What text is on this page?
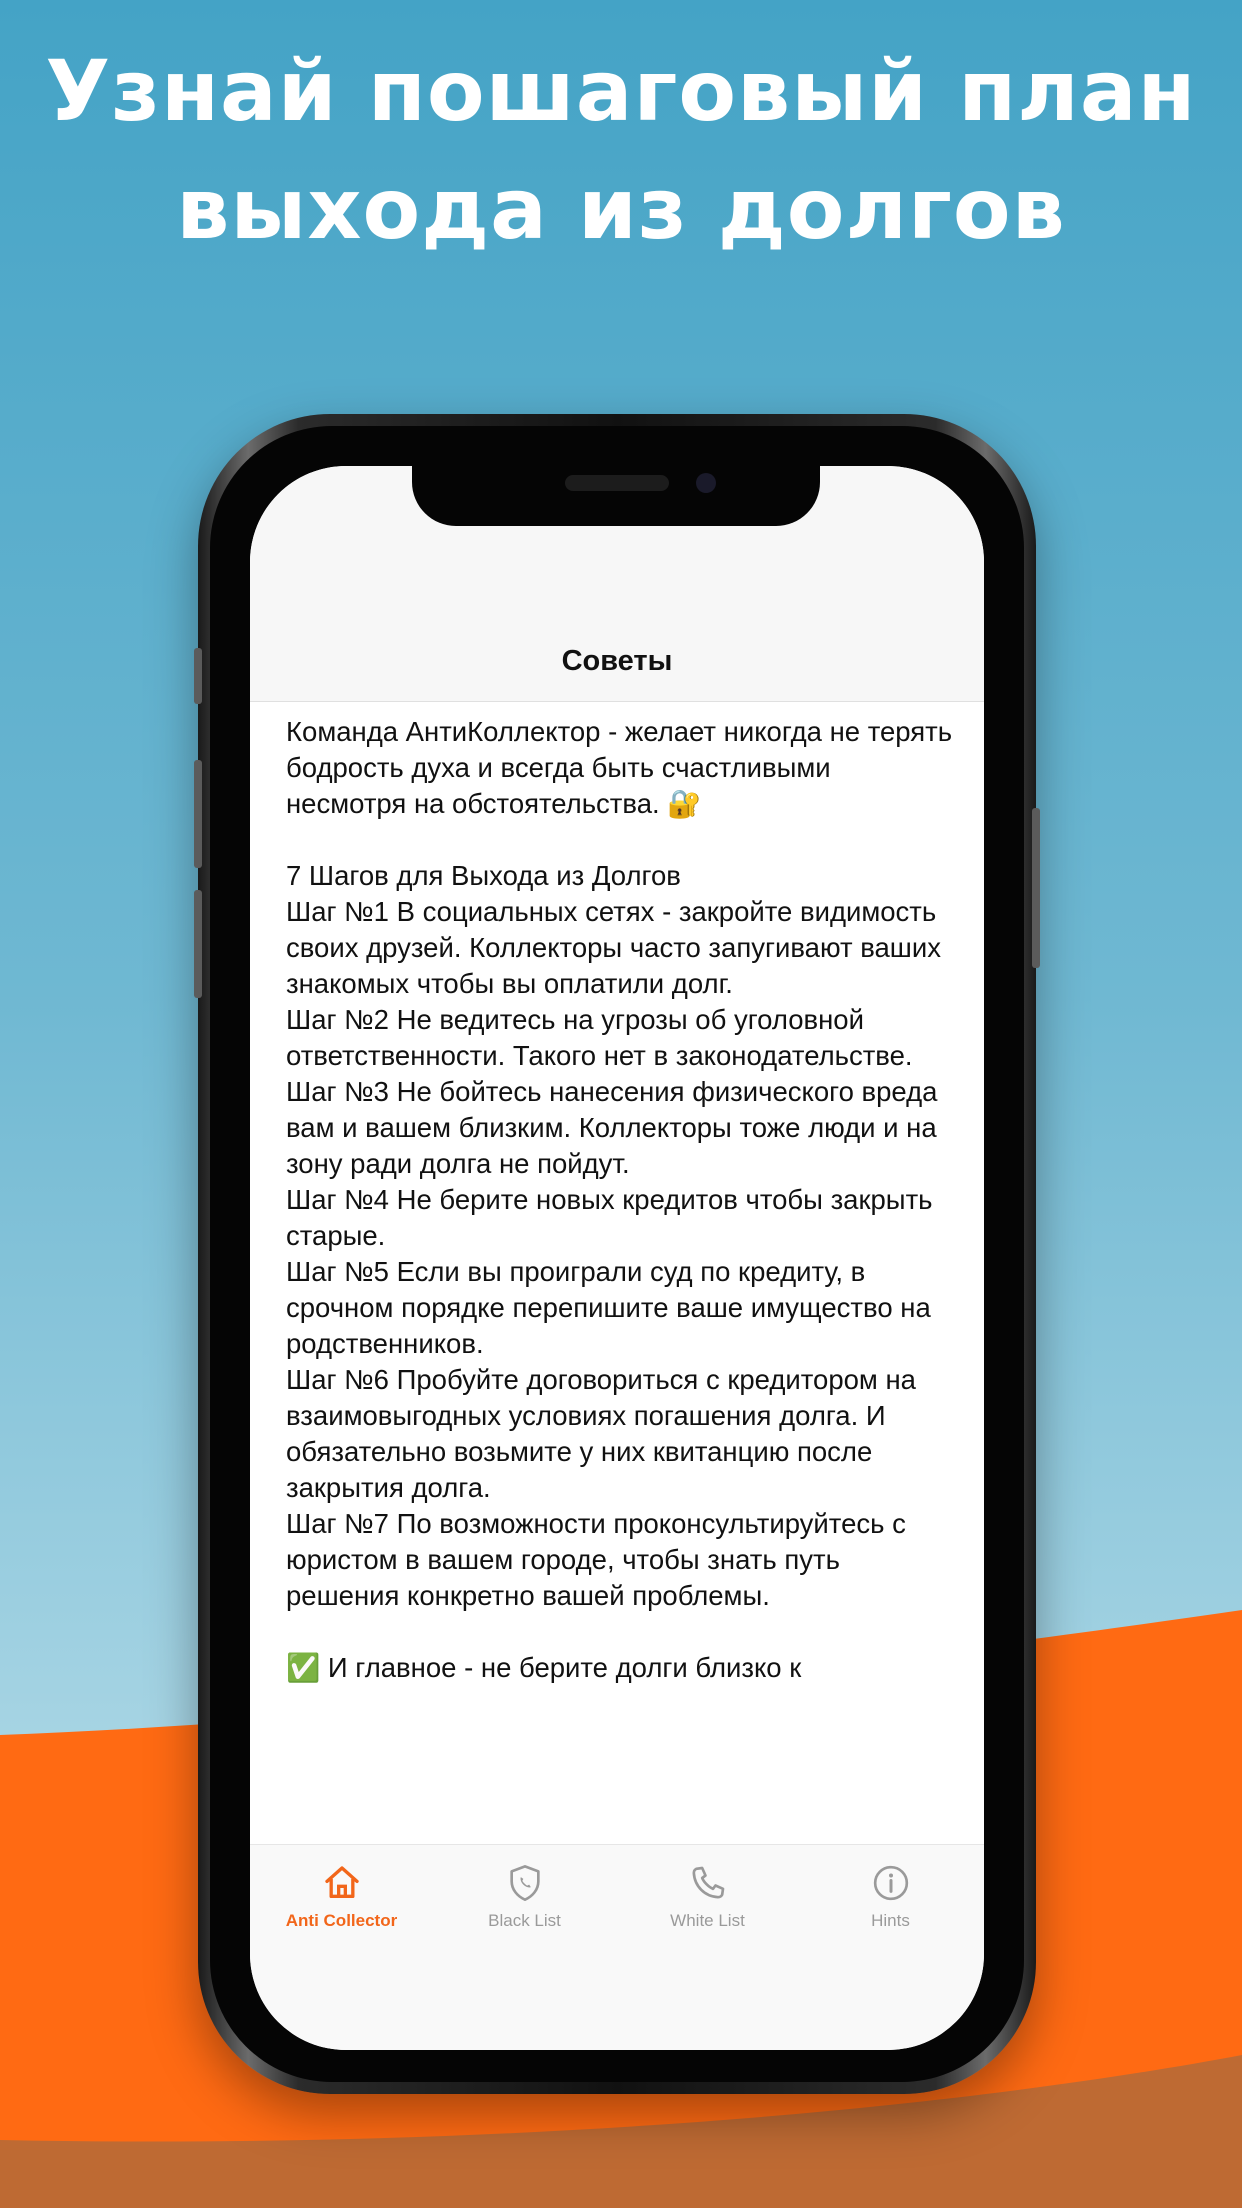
Узнай пошаговый план
выхода из долгов
Советы

Команда АнтиКоллектор - желает никогда не терять бодрость духа и всегда быть счастливыми несмотря на обстоятельства. 🔐

7 Шагов для Выхода из Долгов

Шаг №1 В социальных сетях - закройте видимость своих друзей. Коллекторы часто запугивают ваших знакомых чтобы вы оплатили долг.

Шаг №2 Не ведитесь на угрозы об уголовной ответственности. Такого нет в законодательстве.

Шаг №3 Не бойтесь нанесения физического вреда вам и вашем близким. Коллекторы тоже люди и на зону ради долга не пойдут.

Шаг №4 Не берите новых кредитов чтобы закрыть старые.

Шаг №5 Если вы проиграли суд по кредиту, в срочном порядке перепишите ваше имущество на родственников.

Шаг №6 Пробуйте договориться с кредитором на взаимовыгодных условиях погашения долга. И обязательно возьмите у них квитанцию после закрытия долга.

Шаг №7 По возможности проконсультируйтесь с юристом в вашем городе, чтобы знать путь решения конкретно вашей проблемы.

✅ И главное - не берите долги близко к

Anti Collector	Black List	White List	Hints
